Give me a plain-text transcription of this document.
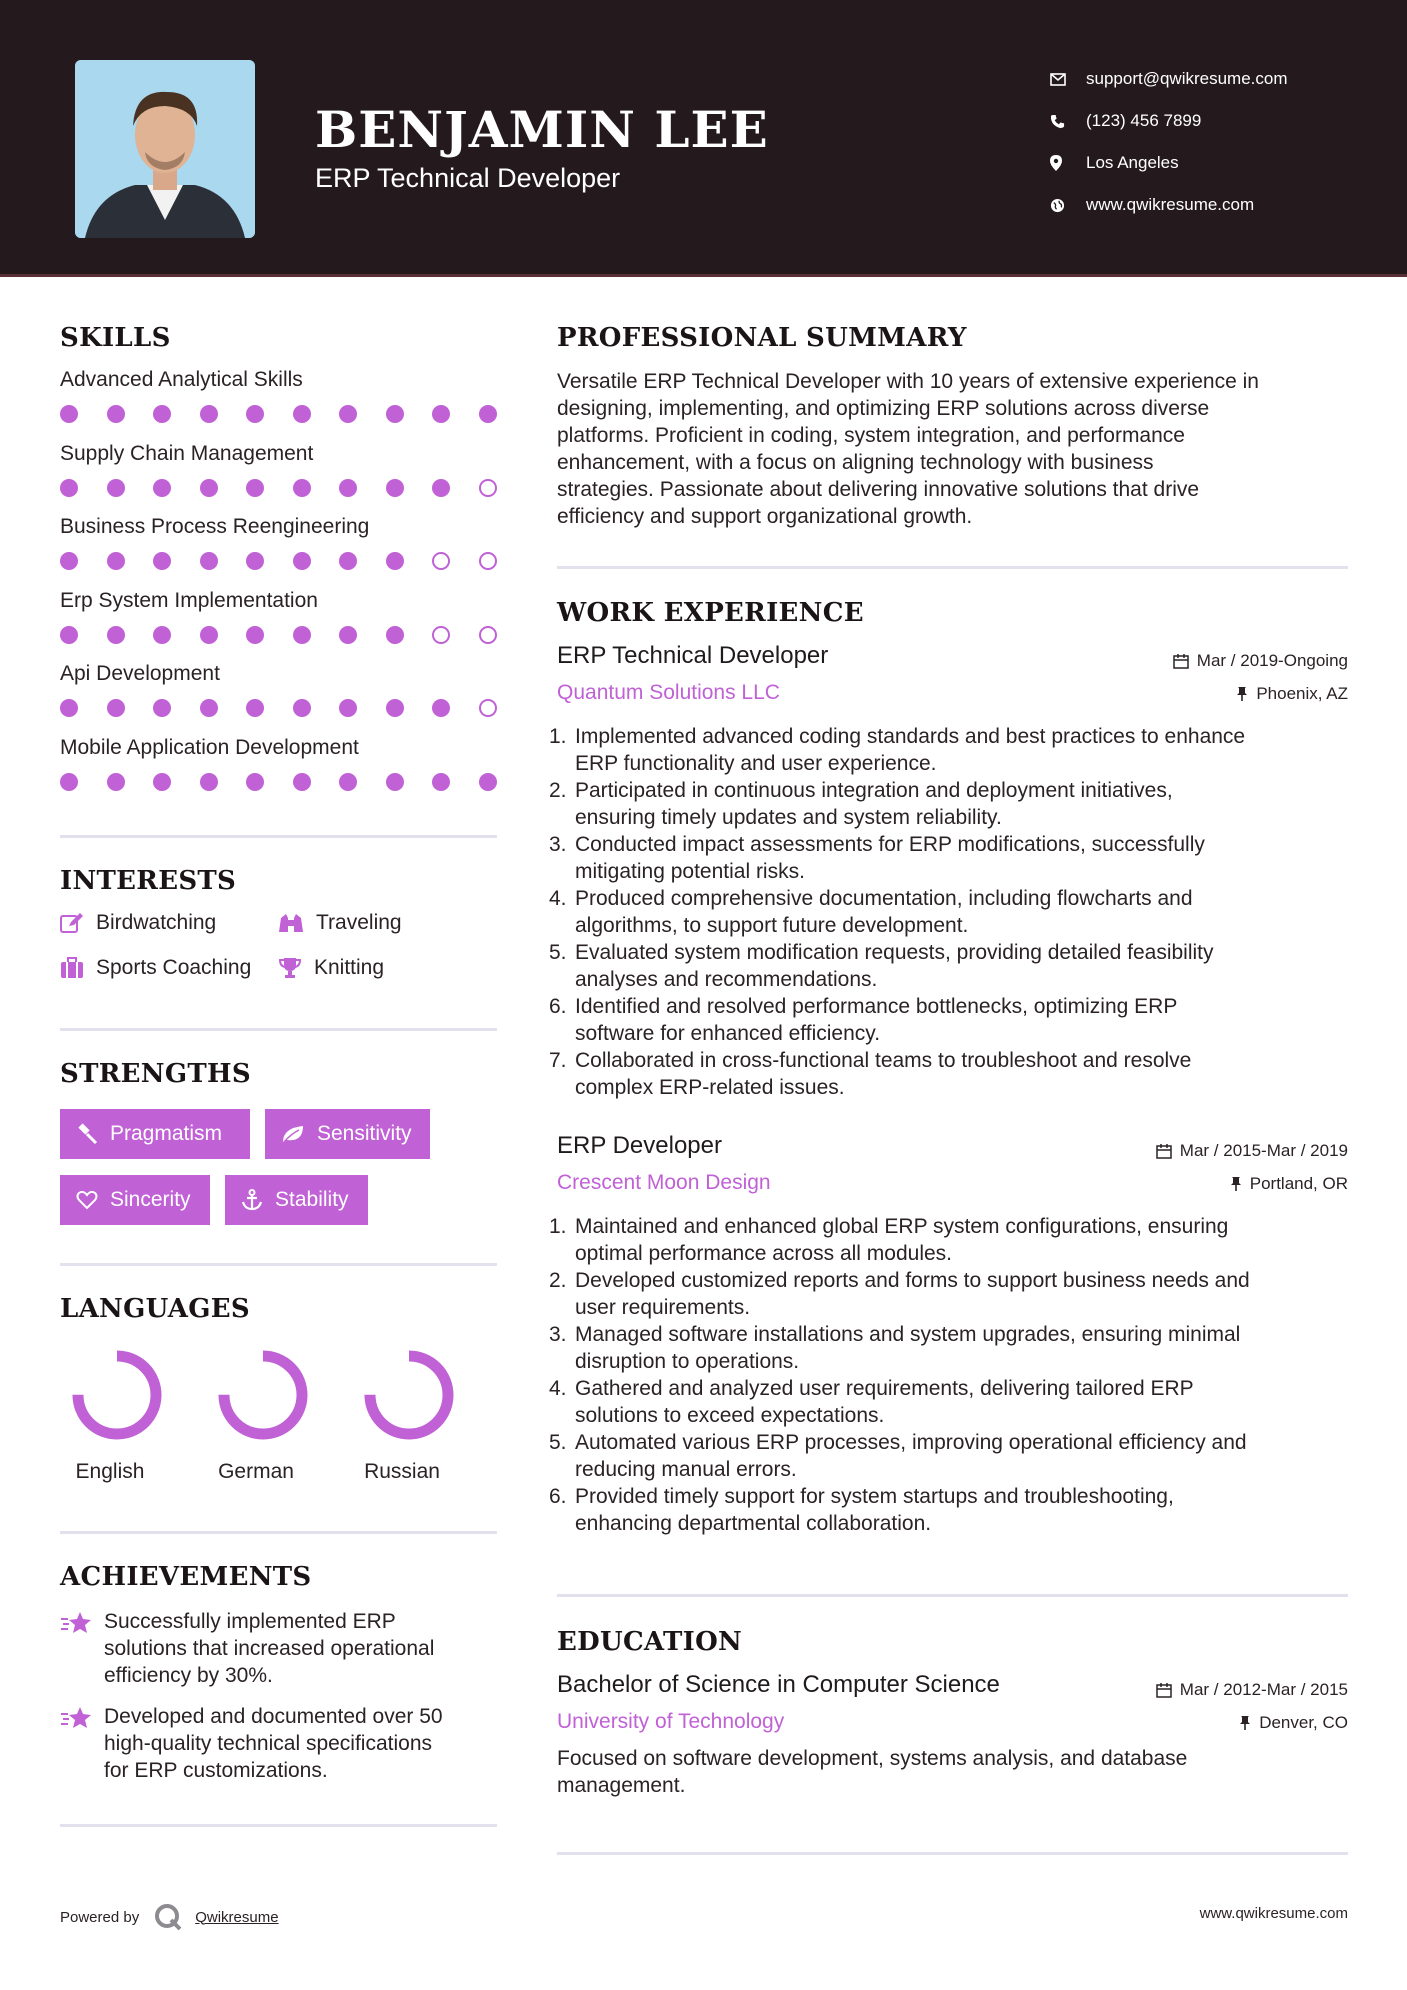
BENJAMIN LEE
ERP Technical Developer
support@qwikresume.com
(123) 456 7899
Los Angeles
www.qwikresume.com
SKILLS
Advanced Analytical Skills
Supply Chain Management
Business Process Reengineering
Erp System Implementation
Api Development
Mobile Application Development
INTERESTS
Birdwatching	Traveling
Sports Coaching	Knitting
STRENGTHS
Pragmatism	Sensitivity
Sincerity	Stability
LANGUAGES
English	German	Russian
ACHIEVEMENTS
Successfully implemented ERP
solutions that increased operational
efficiency by 30%.
Developed and documented over 50
high-quality technical specifications
for ERP customizations.
PROFESSIONAL SUMMARY
Versatile ERP Technical Developer with 10 years of extensive experience in
designing, implementing, and optimizing ERP solutions across diverse
platforms. Proficient in coding, system integration, and performance
enhancement, with a focus on aligning technology with business
strategies. Passionate about delivering innovative solutions that drive
efficiency and support organizational growth.
WORK EXPERIENCE
ERP Technical Developer	Mar / 2019-Ongoing
Quantum Solutions LLC	Phoenix, AZ
1. Implemented advanced coding standards and best practices to enhance
ERP functionality and user experience.
2. Participated in continuous integration and deployment initiatives,
ensuring timely updates and system reliability.
3. Conducted impact assessments for ERP modifications, successfully
mitigating potential risks.
4. Produced comprehensive documentation, including flowcharts and
algorithms, to support future development.
5. Evaluated system modification requests, providing detailed feasibility
analyses and recommendations.
6. Identified and resolved performance bottlenecks, optimizing ERP
software for enhanced efficiency.
7. Collaborated in cross-functional teams to troubleshoot and resolve
complex ERP-related issues.
ERP Developer	Mar / 2015-Mar / 2019
Crescent Moon Design	Portland, OR
1. Maintained and enhanced global ERP system configurations, ensuring
optimal performance across all modules.
2. Developed customized reports and forms to support business needs and
user requirements.
3. Managed software installations and system upgrades, ensuring minimal
disruption to operations.
4. Gathered and analyzed user requirements, delivering tailored ERP
solutions to exceed expectations.
5. Automated various ERP processes, improving operational efficiency and
reducing manual errors.
6. Provided timely support for system startups and troubleshooting,
enhancing departmental collaboration.
EDUCATION
Bachelor of Science in Computer Science	Mar / 2012-Mar / 2015
University of Technology	Denver, CO
Focused on software development, systems analysis, and database
management.
Powered by	Qwikresume	www.qwikresume.com
